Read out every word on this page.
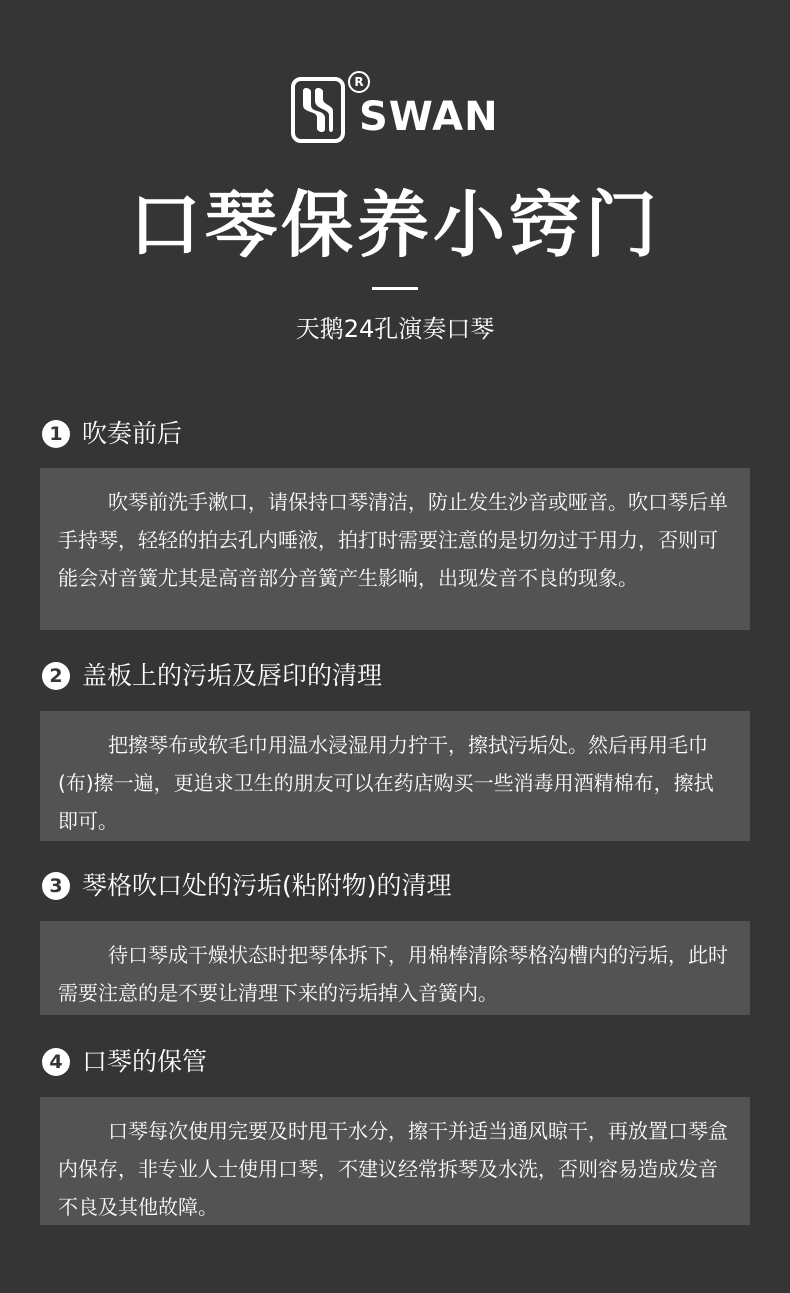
SWAN
R
口琴保养小窍门
天鹅24孔演奏口琴
1 吹奏前后

吹琴前洗手漱口，请保持口琴清洁，防止发生沙音或哑音。吹口琴后单手持琴，轻轻的拍去孔内唾液，拍打时需要注意的是切勿过于用力，否则可能会对音簧尤其是高音部分音簧产生影响，出现发音不良的现象。

2 盖板上的污垢及唇印的清理

把擦琴布或软毛巾用温水浸湿用力拧干，擦拭污垢处。然后再用毛巾(布)擦一遍，更追求卫生的朋友可以在药店购买一些消毒用酒精棉布，擦拭即可。

3 琴格吹口处的污垢(粘附物)的清理

待口琴成干燥状态时把琴体拆下，用棉棒清除琴格沟槽内的污垢，此时需要注意的是不要让清理下来的污垢掉入音簧内。

4 口琴的保管

口琴每次使用完要及时甩干水分，擦干并适当通风晾干，再放置口琴盒内保存，非专业人士使用口琴，不建议经常拆琴及水洗，否则容易造成发音不良及其他故障。
